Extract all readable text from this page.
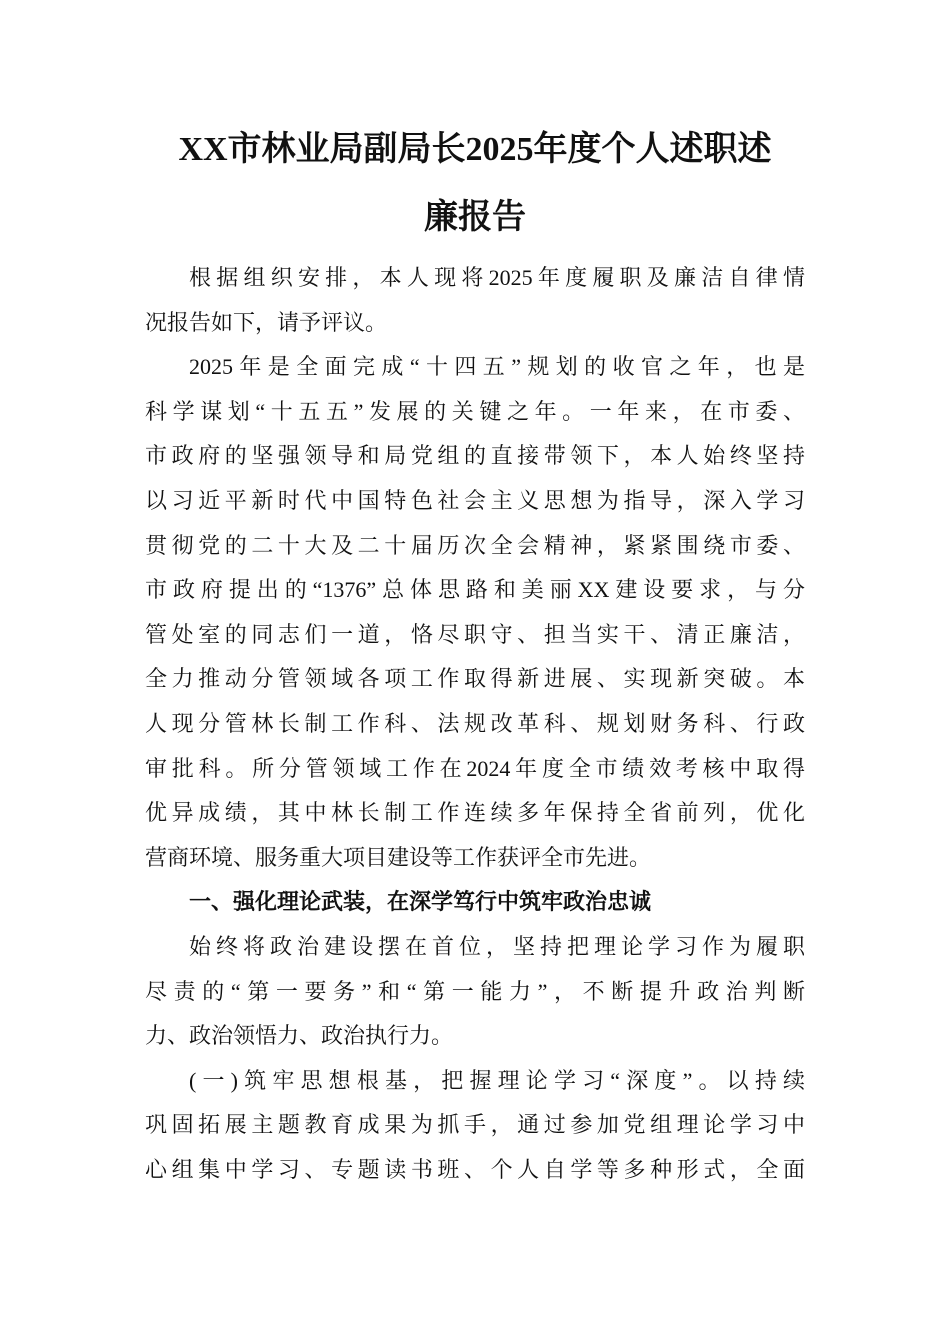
XX市林业局副局长2025年度个人述职述
廉报告
根据组织安排，本人现将2025年度履职及廉洁自律情
况报告如下，请予评议。
2025年是全面完成“十四五”规划的收官之年，也是
科学谋划“十五五”发展的关键之年。一年来，在市委、
市政府的坚强领导和局党组的直接带领下，本人始终坚持
以习近平新时代中国特色社会主义思想为指导，深入学习
贯彻党的二十大及二十届历次全会精神，紧紧围绕市委、
市政府提出的“1376”总体思路和美丽XX建设要求，与分
管处室的同志们一道，恪尽职守、担当实干、清正廉洁，
全力推动分管领域各项工作取得新进展、实现新突破。本
人现分管林长制工作科、法规改革科、规划财务科、行政
审批科。所分管领域工作在2024年度全市绩效考核中取得
优异成绩，其中林长制工作连续多年保持全省前列，优化
营商环境、服务重大项目建设等工作获评全市先进。
一、强化理论武装，在深学笃行中筑牢政治忠诚
始终将政治建设摆在首位，坚持把理论学习作为履职
尽责的“第一要务”和“第一能力”，不断提升政治判断
力、政治领悟力、政治执行力。
(一)筑牢思想根基，把握理论学习“深度”。以持续
巩固拓展主题教育成果为抓手，通过参加党组理论学习中
心组集中学习、专题读书班、个人自学等多种形式，全面
